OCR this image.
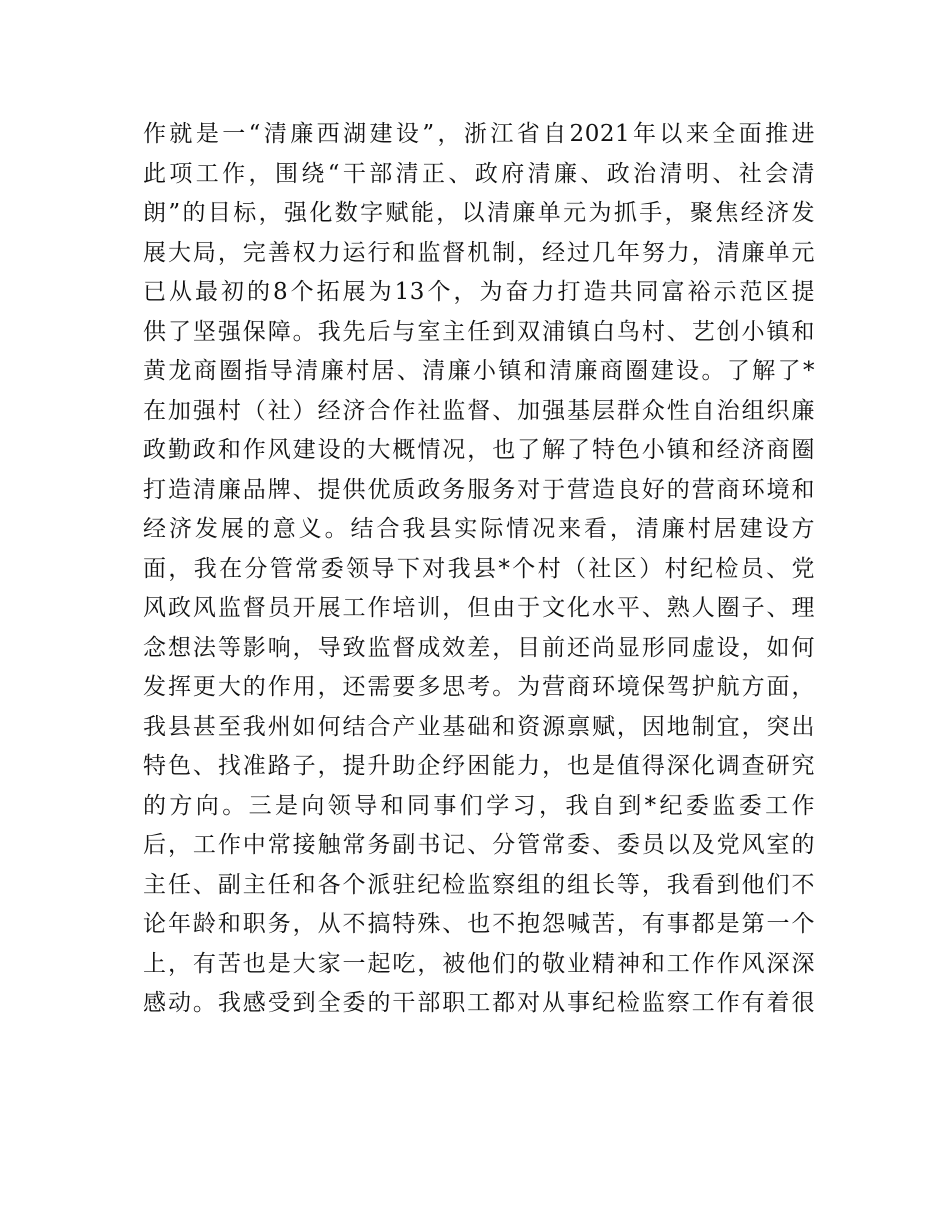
作就是一“清廉西湖建设”，浙江省自2021年以来全面推进
此项工作，围绕“干部清正、政府清廉、政治清明、社会清
朗”的目标，强化数字赋能，以清廉单元为抓手，聚焦经济发
展大局，完善权力运行和监督机制，经过几年努力，清廉单元
已从最初的8个拓展为13个，为奋力打造共同富裕示范区提
供了坚强保障。我先后与室主任到双浦镇白鸟村、艺创小镇和
黄龙商圈指导清廉村居、清廉小镇和清廉商圈建设。了解了*
在加强村（社）经济合作社监督、加强基层群众性自治组织廉
政勤政和作风建设的大概情况，也了解了特色小镇和经济商圈
打造清廉品牌、提供优质政务服务对于营造良好的营商环境和
经济发展的意义。结合我县实际情况来看，清廉村居建设方
面，我在分管常委领导下对我县*个村（社区）村纪检员、党
风政风监督员开展工作培训，但由于文化水平、熟人圈子、理
念想法等影响，导致监督成效差，目前还尚显形同虚设，如何
发挥更大的作用，还需要多思考。为营商环境保驾护航方面，
我县甚至我州如何结合产业基础和资源禀赋，因地制宜，突出
特色、找准路子，提升助企纾困能力，也是值得深化调查研究
的方向。三是向领导和同事们学习，我自到*纪委监委工作
后，工作中常接触常务副书记、分管常委、委员以及党风室的
主任、副主任和各个派驻纪检监察组的组长等，我看到他们不
论年龄和职务，从不搞特殊、也不抱怨喊苦，有事都是第一个
上，有苦也是大家一起吃，被他们的敬业精神和工作作风深深
感动。我感受到全委的干部职工都对从事纪检监察工作有着很
